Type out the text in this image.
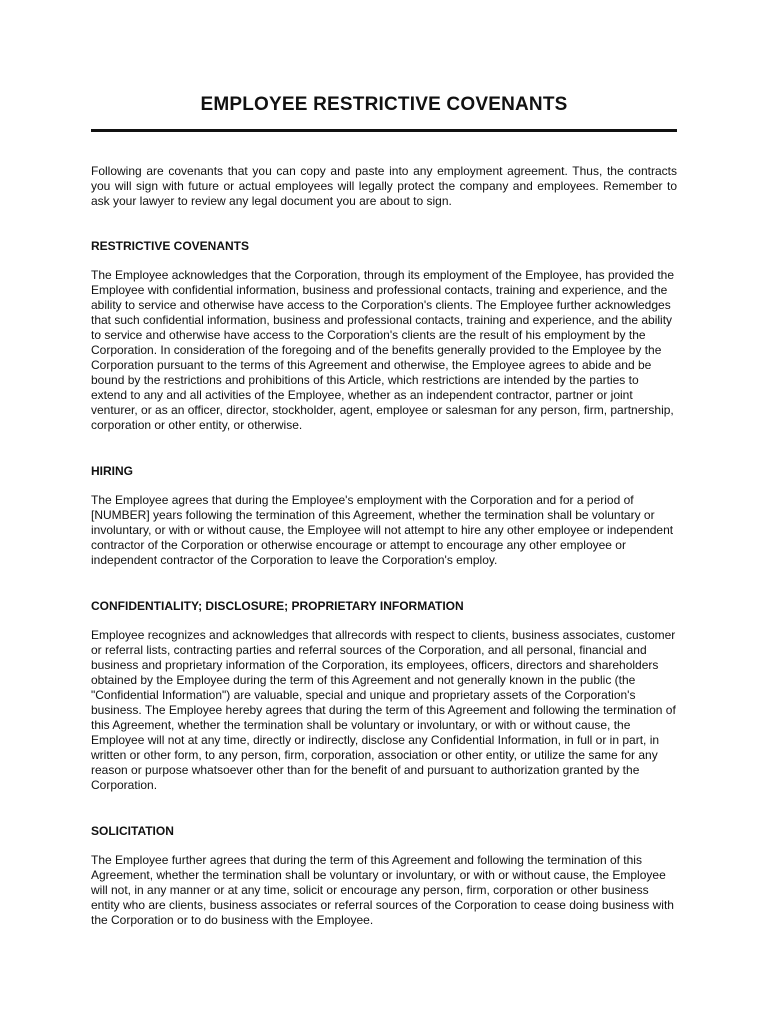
EMPLOYEE RESTRICTIVE COVENANTS

Following are covenants that you can copy and paste into any employment agreement. Thus, the contracts you will sign with future or actual employees will legally protect the company and employees. Remember to ask your lawyer to review any legal document you are about to sign.

RESTRICTIVE COVENANTS

The Employee acknowledges that the Corporation, through its employment of the Employee, has provided the Employee with confidential information, business and professional contacts, training and experience, and the ability to service and otherwise have access to the Corporation's clients. The Employee further acknowledges that such confidential information, business and professional contacts, training and experience, and the ability to service and otherwise have access to the Corporation's clients are the result of his employment by the Corporation. In consideration of the foregoing and of the benefits generally provided to the Employee by the Corporation pursuant to the terms of this Agreement and otherwise, the Employee agrees to abide and be bound by the restrictions and prohibitions of this Article, which restrictions are intended by the parties to extend to any and all activities of the Employee, whether as an independent contractor, partner or joint venturer, or as an officer, director, stockholder, agent, employee or salesman for any person, firm, partnership, corporation or other entity, or otherwise.

HIRING

The Employee agrees that during the Employee's employment with the Corporation and for a period of [NUMBER] years following the termination of this Agreement, whether the termination shall be voluntary or involuntary, or with or without cause, the Employee will not attempt to hire any other employee or independent contractor of the Corporation or otherwise encourage or attempt to encourage any other employee or independent contractor of the Corporation to leave the Corporation's employ.

CONFIDENTIALITY; DISCLOSURE; PROPRIETARY INFORMATION

Employee recognizes and acknowledges that allrecords with respect to clients, business associates, customer or referral lists, contracting parties and referral sources of the Corporation, and all personal, financial and business and proprietary information of the Corporation, its employees, officers, directors and shareholders obtained by the Employee during the term of this Agreement and not generally known in the public (the "Confidential Information") are valuable, special and unique and proprietary assets of the Corporation's business. The Employee hereby agrees that during the term of this Agreement and following the termination of this Agreement, whether the termination shall be voluntary or involuntary, or with or without cause, the Employee will not at any time, directly or indirectly, disclose any Confidential Information, in full or in part, in written or other form, to any person, firm, corporation, association or other entity, or utilize the same for any reason or purpose whatsoever other than for the benefit of and pursuant to authorization granted by the Corporation.

SOLICITATION

The Employee further agrees that during the term of this Agreement and following the termination of this Agreement, whether the termination shall be voluntary or involuntary, or with or without cause, the Employee will not, in any manner or at any time, solicit or encourage any person, firm, corporation or other business entity who are clients, business associates or referral sources of the Corporation to cease doing business with the Corporation or to do business with the Employee.
